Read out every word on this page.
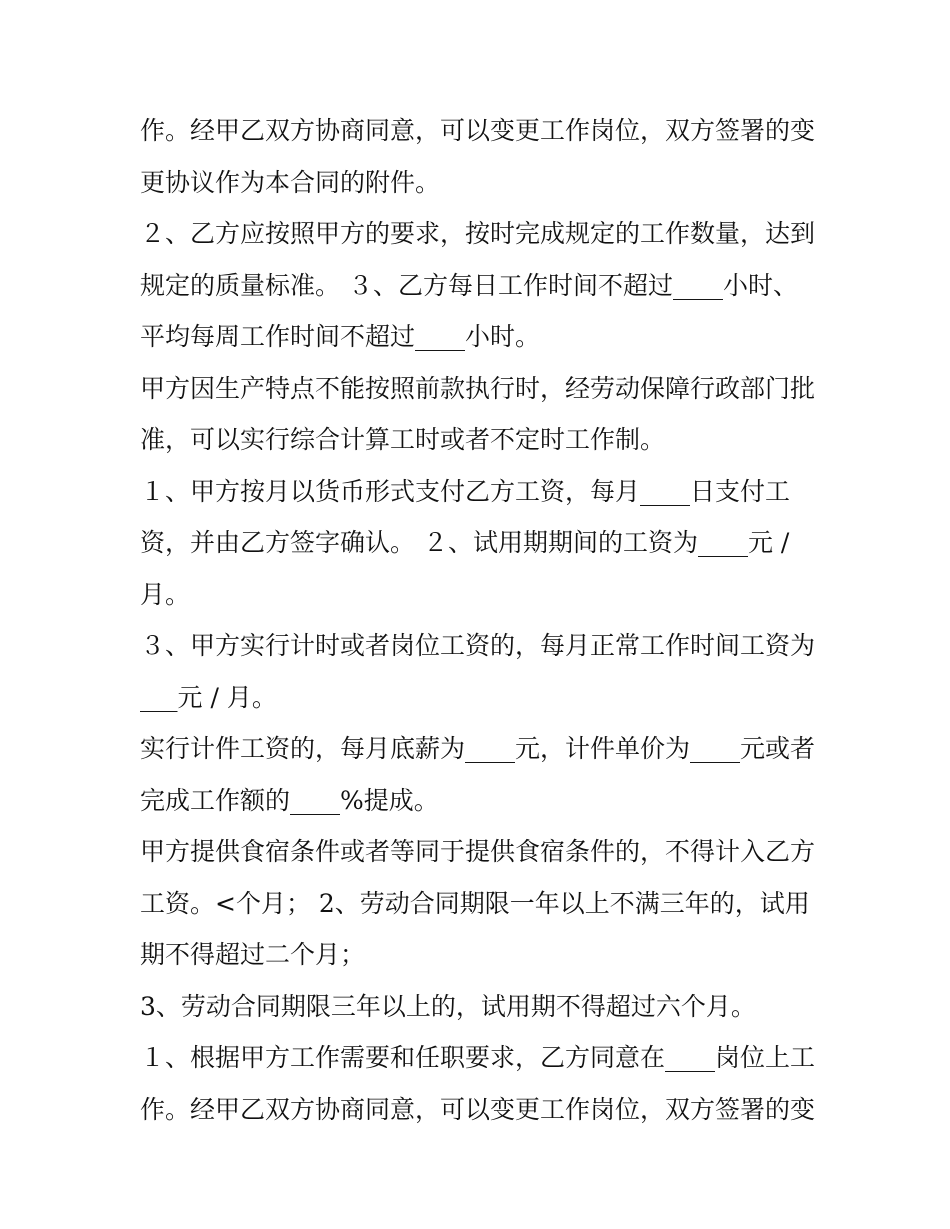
作。经甲乙双方协商同意，可以变更工作岗位，双方签署的变
更协议作为本合同的附件。
２、乙方应按照甲方的要求，按时完成规定的工作数量，达到
规定的质量标准。 ３、乙方每日工作时间不超过____小时、
平均每周工作时间不超过____小时。
甲方因生产特点不能按照前款执行时，经劳动保障行政部门批
准，可以实行综合计算工时或者不定时工作制。
１、甲方按月以货币形式支付乙方工资，每月____日支付工
资，并由乙方签字确认。 ２、试用期期间的工资为____元 /
月。
３、甲方实行计时或者岗位工资的，每月正常工作时间工资为
___元 / 月。
实行计件工资的，每月底薪为____元，计件单价为____元或者
完成工作额的____%提成。
甲方提供食宿条件或者等同于提供食宿条件的，不得计入乙方
工资。<个月； 2、劳动合同期限一年以上不满三年的，试用
期不得超过二个月；
3、劳动合同期限三年以上的，试用期不得超过六个月。
１、根据甲方工作需要和任职要求，乙方同意在____岗位上工
作。经甲乙双方协商同意，可以变更工作岗位，双方签署的变
